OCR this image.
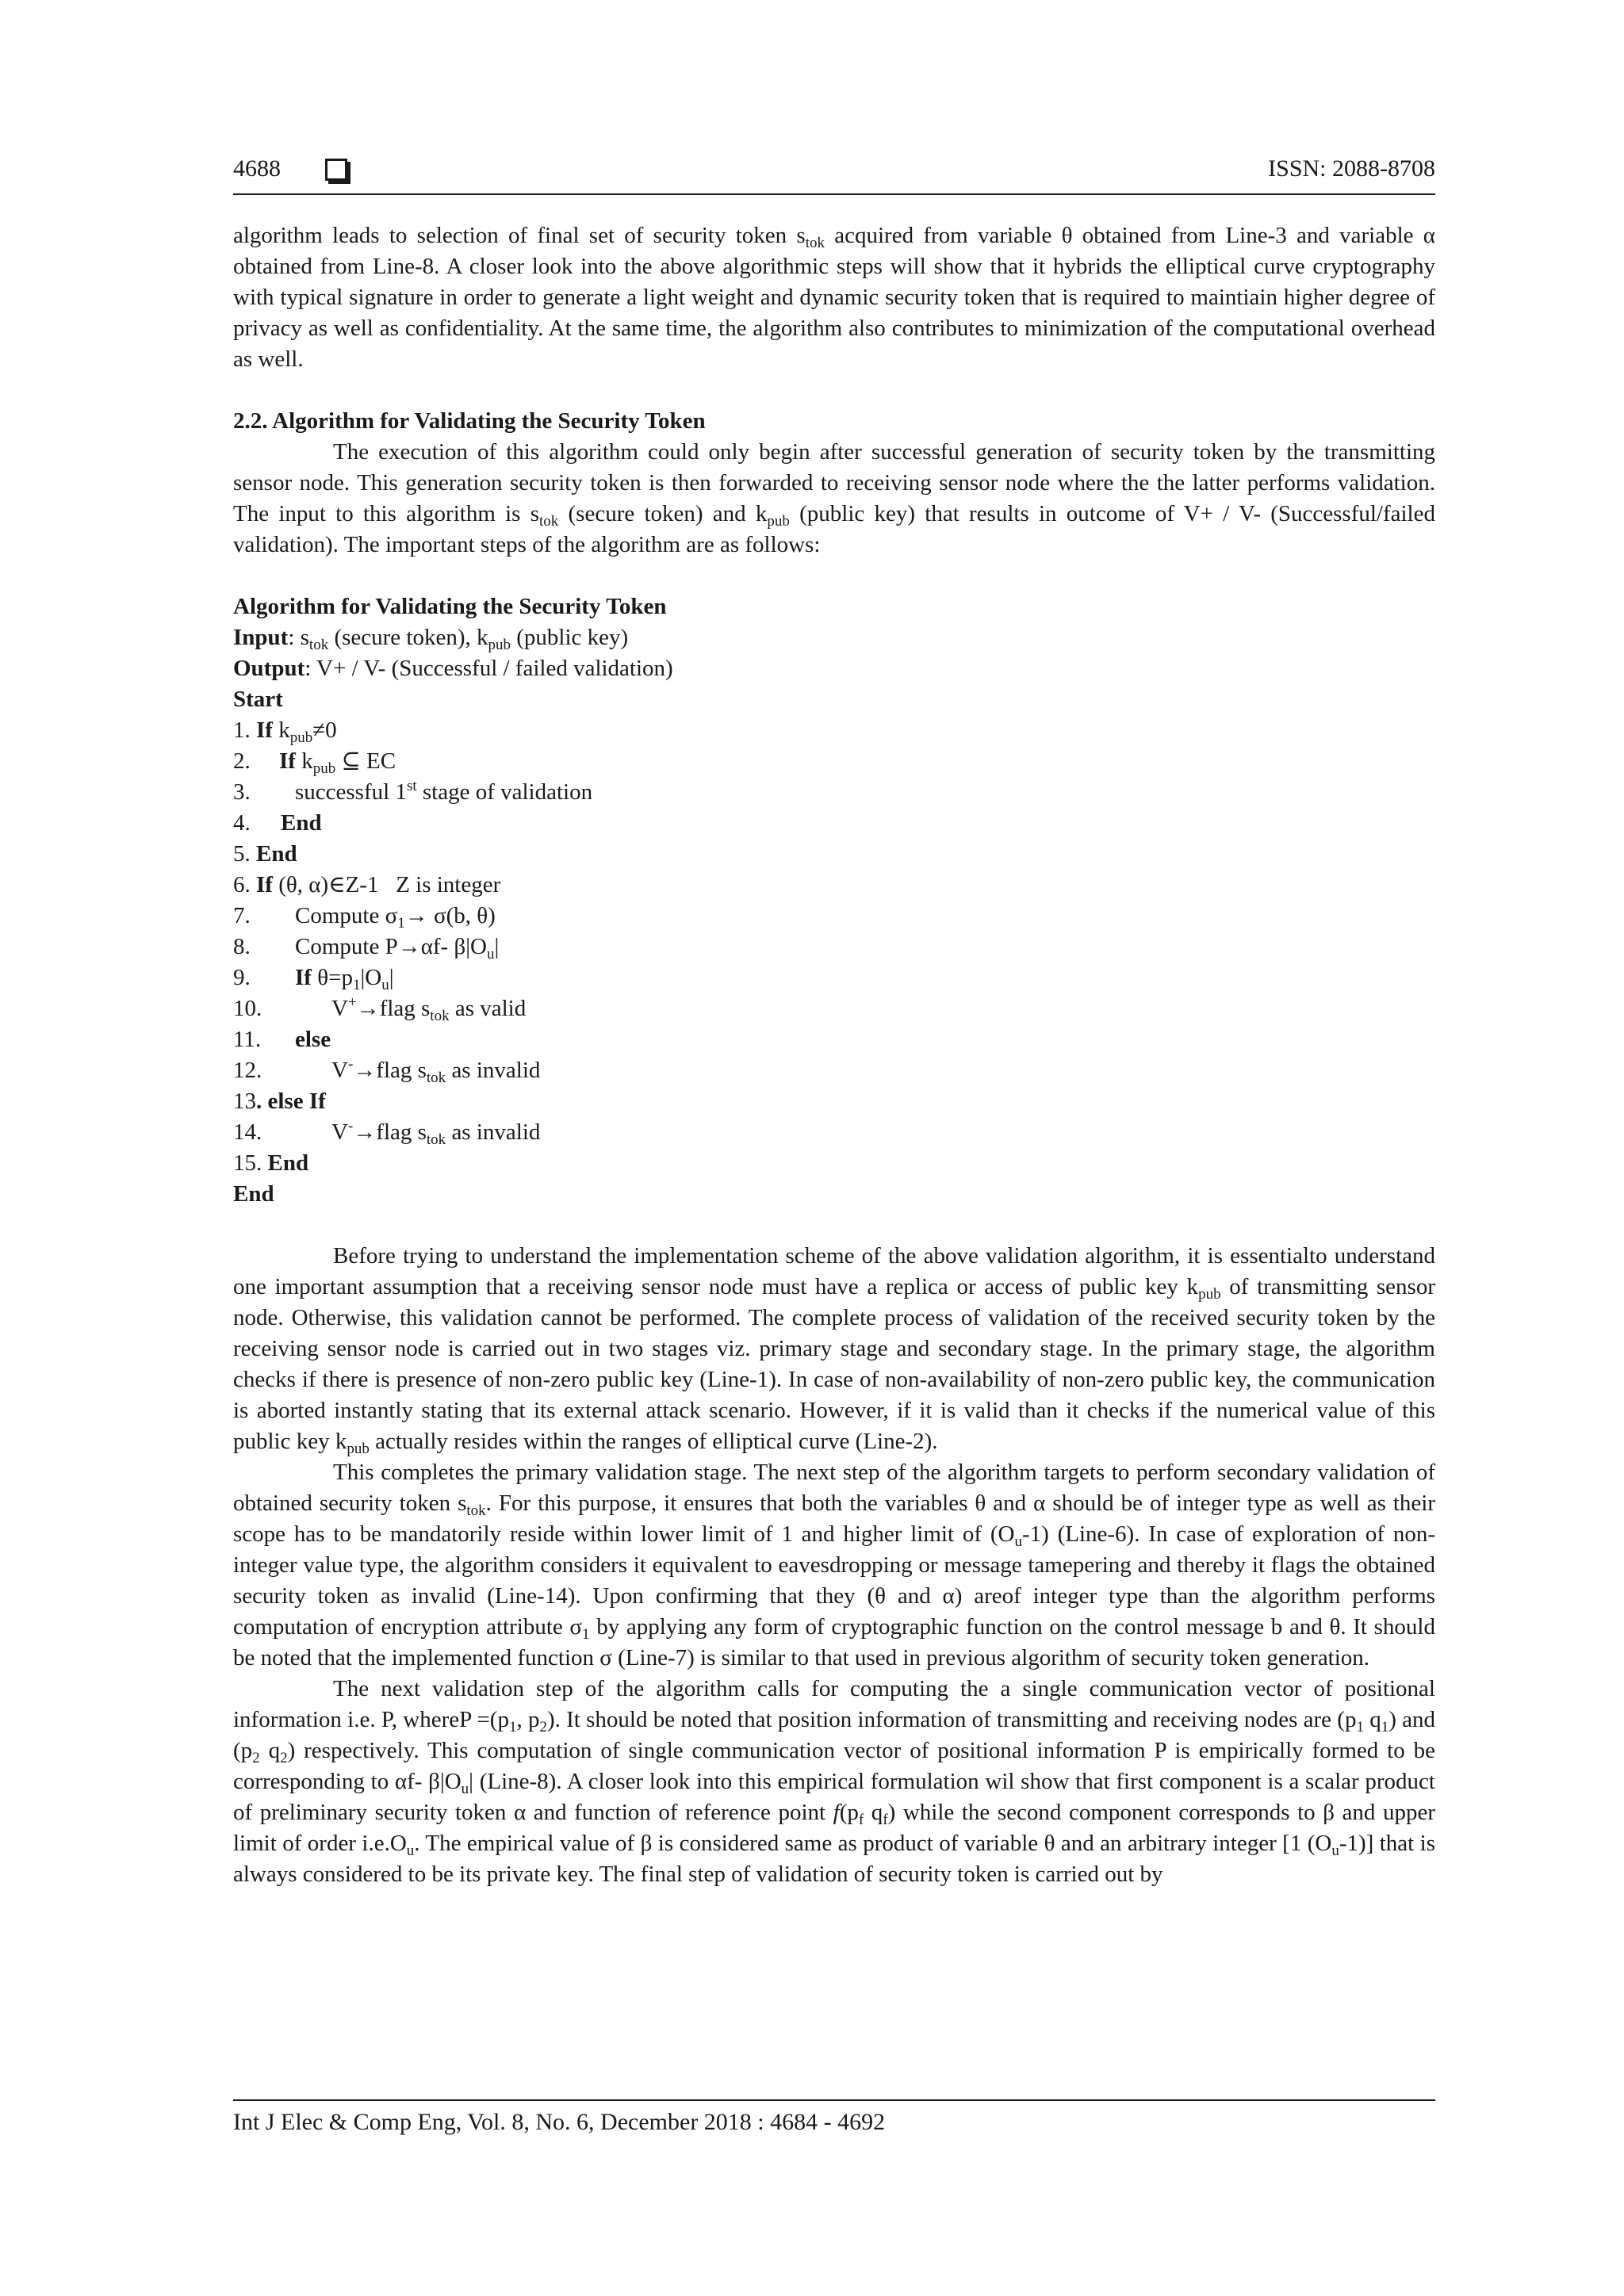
4688	ISSN: 2088-8708

algorithm leads to selection of final set of security token $s_{tok}$ acquired from variable θ obtained from Line-3 and variable α obtained from Line-8. A closer look into the above algorithmic steps will show that it hybrids the elliptical curve cryptography with typical signature in order to generate a light weight and dynamic security token that is required to maintiain higher degree of privacy as well as confidentiality. At the same time, the algorithm also contributes to minimization of the computational overhead as well.

2.2. Algorithm for Validating the Security Token

The execution of this algorithm could only begin after successful generation of security token by the transmitting sensor node. This generation security token is then forwarded to receiving sensor node where the the latter performs validation. The input to this algorithm is $s_{tok}$ (secure token) and $k_{pub}$ (public key) that results in outcome of V+ / V- (Successful/failed validation). The important steps of the algorithm are as follows:

Algorithm for Validating the Security Token
Input: $s_{tok}$ (secure token), $k_{pub}$ (public key)
Output: V+ / V- (Successful / failed validation)
Start
1. If $k_{pub}\ne 0$
2. If $k_{pub}$ ⊆ EC
3. successful 1st stage of validation
4. End
5. End
6. If (θ, α)∈Z-1   Z is integer
7. Compute $\sigma_1\to \sigma(b$, θ)
8. Compute P→αf- $\beta|O_u|$
9. If $\theta=p_1|O_u|$
10.	V+→flag $s_{tok}$ as valid
11. else
12.	V-→flag $s_{tok}$ as invalid
13. else If
14.	V-→flag $s_{tok}$ as invalid
15. End
End

Before trying to understand the implementation scheme of the above validation algorithm, it is essentialto understand one important assumption that a receiving sensor node must have a replica or access of public key $k_{pub}$ of transmitting sensor node. Otherwise, this validation cannot be performed. The complete process of validation of the received security token by the receiving sensor node is carried out in two stages viz. primary stage and secondary stage. In the primary stage, the algorithm checks if there is presence of non-zero public key (Line-1). In case of non-availability of non-zero public key, the communication is aborted instantly stating that its external attack scenario. However, if it is valid than it checks if the numerical value of this public key $k_{pub}$ actually resides within the ranges of elliptical curve (Line-2).

This completes the primary validation stage. The next step of the algorithm targets to perform secondary validation of obtained security token $s_{tok}$. For this purpose, it ensures that both the variables θ and α should be of integer type as well as their scope has to be mandatorily reside within lower limit of 1 and higher limit of $(O_u-1)$ (Line-6). In case of exploration of non-integer value type, the algorithm considers it equivalent to eavesdropping or message tamepering and thereby it flags the obtained security token as invalid (Line-14). Upon confirming that they (θ and α) areof integer type than the algorithm performs computation of encryption attribute $\sigma_1$ by applying any form of cryptographic function on the control message b and θ. It should be noted that the implemented function σ (Line-7) is similar to that used in previous algorithm of security token generation.

The next validation step of the algorithm calls for computing the a single communication vector of positional information i.e. P, whereP $=(p_1$, $p_2$). It should be noted that position information of transmitting and receiving nodes are ($p_1$ $q_1$) and ($p_2$ $q_2$) respectively. This computation of single communication vector of positional information P is empirically formed to be corresponding to αf- $\beta|O_u|$ (Line-8). A closer look into this empirical formulation wil show that first component is a scalar product of preliminary security token α and function of reference point $f(p_f$ $q_f$) while the second component corresponds to β and upper limit of order $i.e.O_u$. The empirical value of β is considered same as product of variable θ and an arbitrary integer [1 $(O_u-1)$] that is always considered to be its private key. The final step of validation of security token is carried out by

Int J Elec & Comp Eng, Vol. 8, No. 6, December 2018 : 4684 - 4692
